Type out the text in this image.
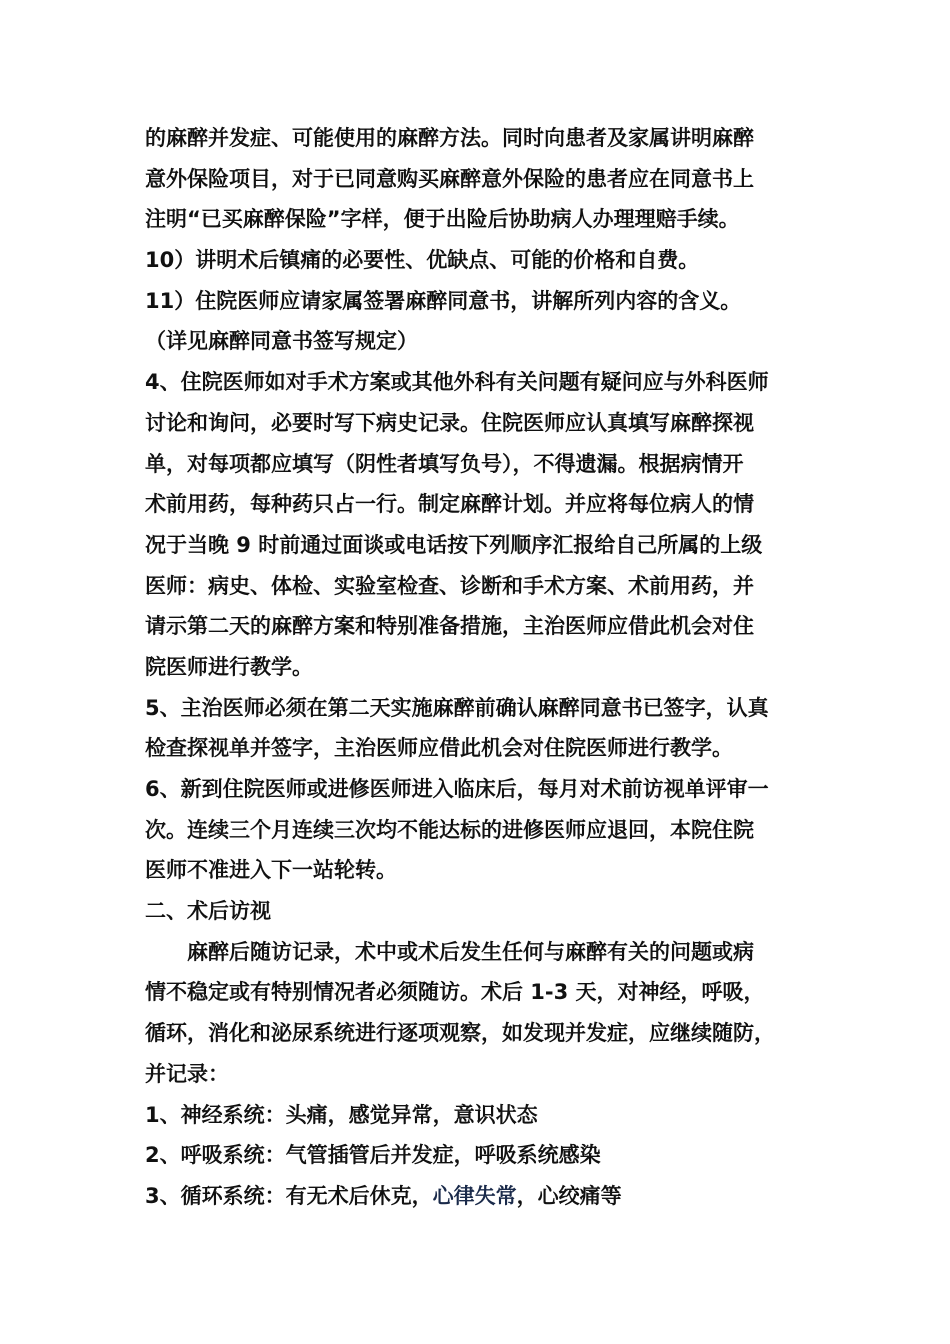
的麻醉并发症、可能使用的麻醉方法。同时向患者及家属讲明麻醉
意外保险项目，对于已同意购买麻醉意外保险的患者应在同意书上
注明“已买麻醉保险”字样，便于出险后协助病人办理理赔手续。
10）讲明术后镇痛的必要性、优缺点、可能的价格和自费。
11）住院医师应请家属签署麻醉同意书，讲解所列内容的含义。
（详见麻醉同意书签写规定）
4、住院医师如对手术方案或其他外科有关问题有疑问应与外科医师
讨论和询问，必要时写下病史记录。住院医师应认真填写麻醉探视
单，对每项都应填写（阴性者填写负号），不得遗漏。根据病情开
术前用药，每种药只占一行。制定麻醉计划。并应将每位病人的情
况于当晚 9 时前通过面谈或电话按下列顺序汇报给自己所属的上级
医师：病史、体检、实验室检查、诊断和手术方案、术前用药，并
请示第二天的麻醉方案和特别准备措施，主治医师应借此机会对住
院医师进行教学。
5、主治医师必须在第二天实施麻醉前确认麻醉同意书已签字，认真
检查探视单并签字，主治医师应借此机会对住院医师进行教学。
6、新到住院医师或进修医师进入临床后，每月对术前访视单评审一
次。连续三个月连续三次均不能达标的进修医师应退回，本院住院
医师不准进入下一站轮转。
二、术后访视
麻醉后随访记录，术中或术后发生任何与麻醉有关的问题或病
情不稳定或有特别情况者必须随访。术后 1-3 天，对神经，呼吸，
循环，消化和泌尿系统进行逐项观察，如发现并发症，应继续随防，
并记录：
1、神经系统：头痛，感觉异常，意识状态
2、呼吸系统：气管插管后并发症，呼吸系统感染
3、循环系统：有无术后休克，心律失常，心绞痛等
